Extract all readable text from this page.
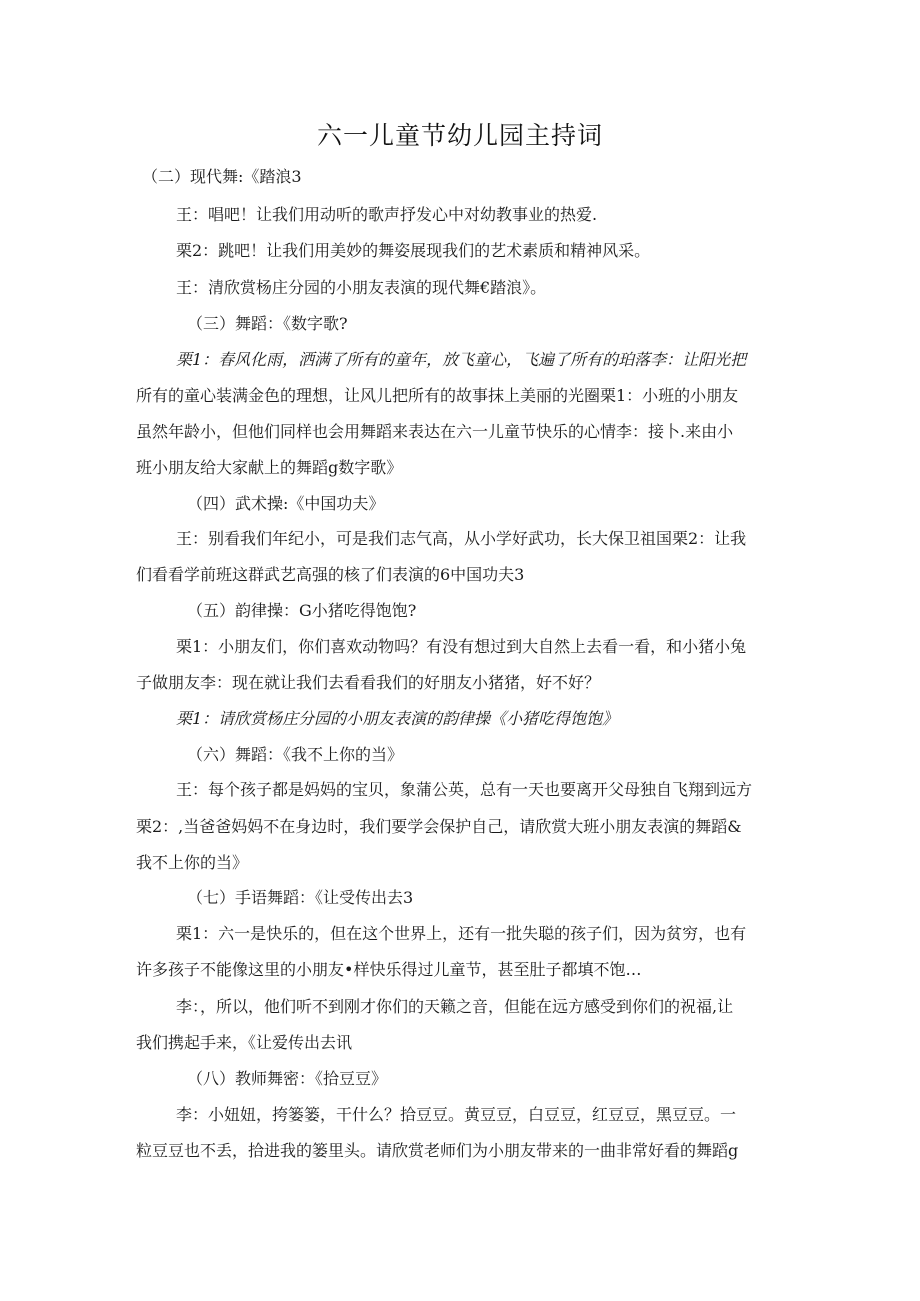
六一儿童节幼儿园主持词
（二）现代舞:《踏浪3
王：唱吧！让我们用动听的歌声抒发心中对幼教事业的热爱.
栗2：跳吧！让我们用美妙的舞姿展现我们的艺术素质和精神风采。
王：清欣赏杨庄分园的小朋友表演的现代舞€踏浪》。
（三）舞蹈：《数字歌?
栗1：春风化雨，洒满了所有的童年，放飞童心，飞遍了所有的珀落李：让阳光把
所有的童心装满金色的理想，让风儿把所有的故事抹上美丽的光圈栗1：小班的小朋友
虽然年龄小，但他们同样也会用舞蹈来表达在六一儿童节快乐的心情李：接卜.来由小
班小朋友给大家献上的舞蹈g数字歌》
（四）武术操:《中国功夫》
王：别看我们年纪小，可是我们志气高，从小学好武功，长大保卫祖国栗2：让我
们看看学前班这群武艺高强的核了们表演的6中国功夫3
（五）韵律操：G小猪吃得饱饱?
栗1：小朋友们，你们喜欢动物吗？有没有想过到大自然上去看一看，和小猪小兔
子做朋友李：现在就让我们去看看我们的好朋友小猪猪，好不好？
栗1：请欣赏杨庄分园的小朋友表演的韵律操《小猪吃得饱饱》
（六）舞蹈：《我不上你的当》
王：每个孩子都是妈妈的宝贝，象蒲公英，总有一天也要离开父母独自飞翔到远方
栗2：,当爸爸妈妈不在身边时，我们要学会保护自己，请欣赏大班小朋友表演的舞蹈&
我不上你的当》
（七）手语舞蹈：《让受传出去3
栗1：六一是快乐的，但在这个世界上，还有一批失聪的孩子们，因为贫穷，也有
许多孩子不能像这里的小朋友•样快乐得过儿童节，甚至肚子都填不饱…
李：，所以，他们听不到刚才你们的天籁之音，但能在远方感受到你们的祝福,让
我们携起手来，《让爱传出去讯
（八）教师舞密：《拾豆豆》
李：小妞妞，挎篓篓，干什么？拾豆豆。黄豆豆，白豆豆，红豆豆，黑豆豆。一
粒豆豆也不丢，拾进我的篓里头。请欣赏老师们为小朋友带来的一曲非常好看的舞蹈g
